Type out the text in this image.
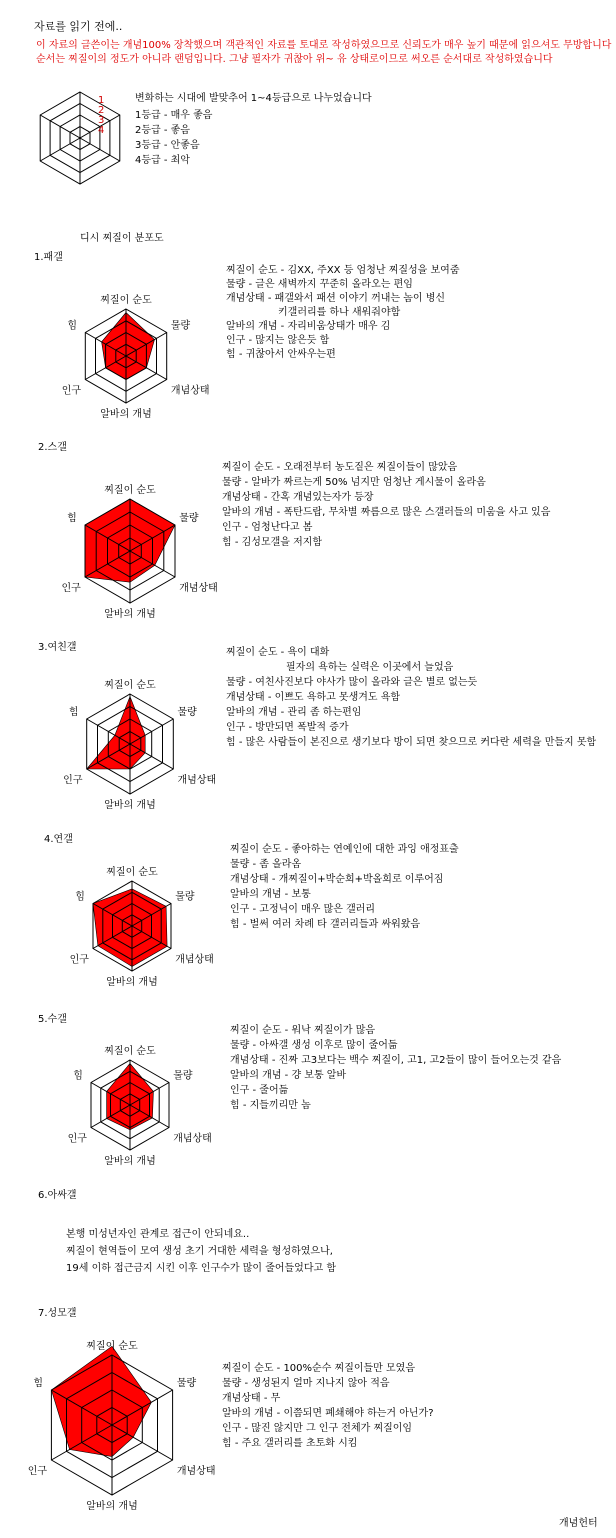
자료를 읽기 전에..
이 자료의 글쓴이는 개념100% 장착했으며 객관적인 자료를 토대로 작성하였으므로 신뢰도가 매우 높기 때문에 읽으셔도 무방합니다
순서는 찌질이의 정도가 아니라 랜덤입니다. 그냥 필자가 귀찮아 위~ 유 상태로이므로 써오른 순서대로 작성하였습니다
1
2
3
4
변화하는 시대에 발맞추어 1~4등급으로 나누었습니다
1등급 - 매우 좋음
2등급 - 좋음
3등급 - 안좋음
4등급 - 최악
디시 찌질이 분포도
1.패갤
찌질이 순도
물량
개념상태
알바의 개념
인구
힘
찌질이 순도 - 김XX, 주XX 등 엄청난 찌질성을 보여줌
물량 - 글은 새벽까지 꾸준히 올라오는 편임
개념상태 - 패갤와서 패션 이야기 꺼내는 놈이 병신
키갤러리를 하나 새워줘야함
알바의 개념 - 자리비움상태가 매우 김
인구 - 많지는 않은듯 함
힘 - 귀찮아서 안싸우는편
2.스갤
찌질이 순도
물량
개념상태
알바의 개념
인구
힘
찌질이 순도 - 오래전부터 농도짙은 찌질이들이 많았음
물량 - 알바가 짜르는게 50% 넘지만 엄청난 게시물이 올라옴
개념상태 - 간혹 개념있는자가 등장
알바의 개념 - 폭탄드랍, 무차별 짜름으로 많은 스갤러들의 미움을 사고 있음
인구 - 엄청난다고 봄
힘 - 김성모갤을 저지함
3.여친갤
찌질이 순도
물량
개념상태
알바의 개념
인구
힘
찌질이 순도 - 욕이 대화
필자의 욕하는 실력은 이곳에서 늘었음
물량 - 여친사진보다 야사가 많이 올라와 글은 별로 없는듯
개념상태 - 이쁘도 욕하고 못생겨도 욕함
알바의 개념 - 관리 좀 하는편임
인구 - 방만되면 폭발적 증가
힘 - 많은 사람들이 본진으로 생기보다 방이 되면 찾으므로 커다란 세력을 만들지 못함
4.연갤
찌질이 순도
물량
개념상태
알바의 개념
인구
힘
찌질이 순도 - 좋아하는 연예인에 대한 과잉 애정표출
물량 - 좀 올라옴
개념상태 - 개찌질이+박순희+박올희로 이루어짐
알바의 개념 - 보통
인구 - 고정닉이 매우 많은 갤러리
힘 - 벌써 여러 차례 타 갤러리들과 싸워왔음
5.수갤
찌질이 순도
물량
개념상태
알바의 개념
인구
힘
찌질이 순도 - 워낙 찌질이가 많음
물량 - 아싸갤 생성 이후로 많이 줄어듦
개념상태 - 진짜 고3보다는 백수 찌질이, 고1, 고2들이 많이 들어오는것 같음
알바의 개념 - 걍 보통 알바
인구 - 줄어듦
힘 - 지들끼리만 놈
6.아싸갤
본행 미성년자인 관계로 접근이 안되네요..
찌질이 현역들이 모여 생성 초기 거대한 세력을 형성하였으나,
19세 이하 접근금지 시킨 이후 인구수가 많이 줄어들었다고 함
7.성모갤
찌질이 순도
물량
개념상태
알바의 개념
인구
힘
찌질이 순도 - 100%순수 찌질이들만 모였음
물량 - 생성된지 얼마 지나지 않아 적음
개념상태 - 무
알바의 개념 - 이쯤되면 폐쇄해야 하는거 아닌가?
인구 - 많진 않지만 그 인구 전체가 찌질이임
힘 - 주요 갤러리를 초토화 시킴
개념헌터
